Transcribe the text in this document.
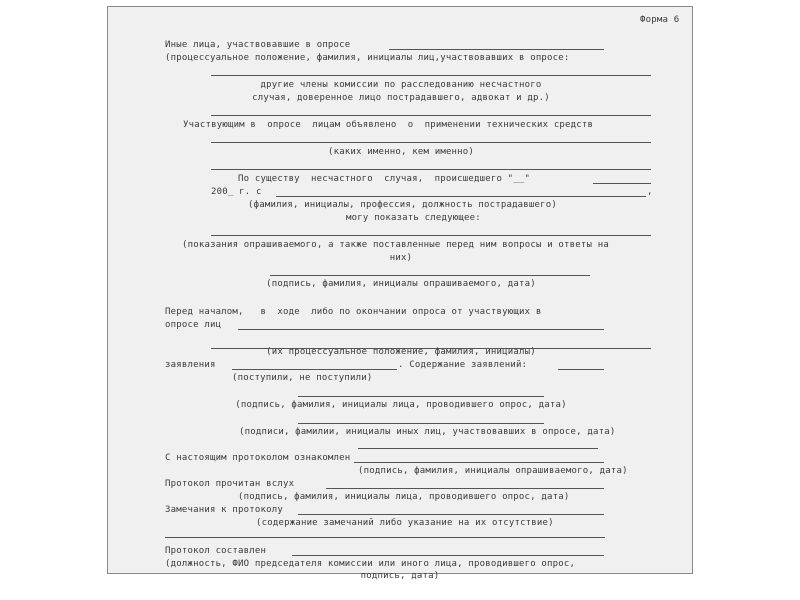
Форма 6
Иные лица, участвовавшие в опросе
(процессуальное положение, фамилия, инициалы лиц,участвовавших в опросе:
другие члены комиссии по расследованию несчастного
случая, доверенное лицо пострадавшего, адвокат и др.)
Участвующим в  опросе  лицам объявлено  о  применении технических средств
(каких именно, кем именно)
По существу  несчастного  случая,  происшедшего "__"
200_ г. с	,
(фамилия, инициалы, профессия, должность пострадавшего)
могу показать следующее:
(показания опрашиваемого, а также поставленные перед ним вопросы и ответы на
них)
(подпись, фамилия, инициалы опрашиваемого, дата)
Перед началом,   в  ходе  либо по окончании опроса от участвующих в
опросе лиц
(их процессуальное положение, фамилия, инициалы)
заявления	. Содержание заявлений:
(поступили, не поступили)
(подпись, фамилия, инициалы лица, проводившего опрос, дата)
(подписи, фамилии, инициалы иных лиц, участвовавших в опросе, дата)
С настоящим протоколом ознакомлен
(подпись, фамилия, инициалы опрашиваемого, дата)
Протокол прочитан вслух
(подпись, фамилия, инициалы лица, проводившего опрос, дата)
Замечания к протоколу
(содержание замечаний либо указание на их отсутствие)
Протокол составлен
(должность, ФИО председателя комиссии или иного лица, проводившего опрос,
подпись, дата)
